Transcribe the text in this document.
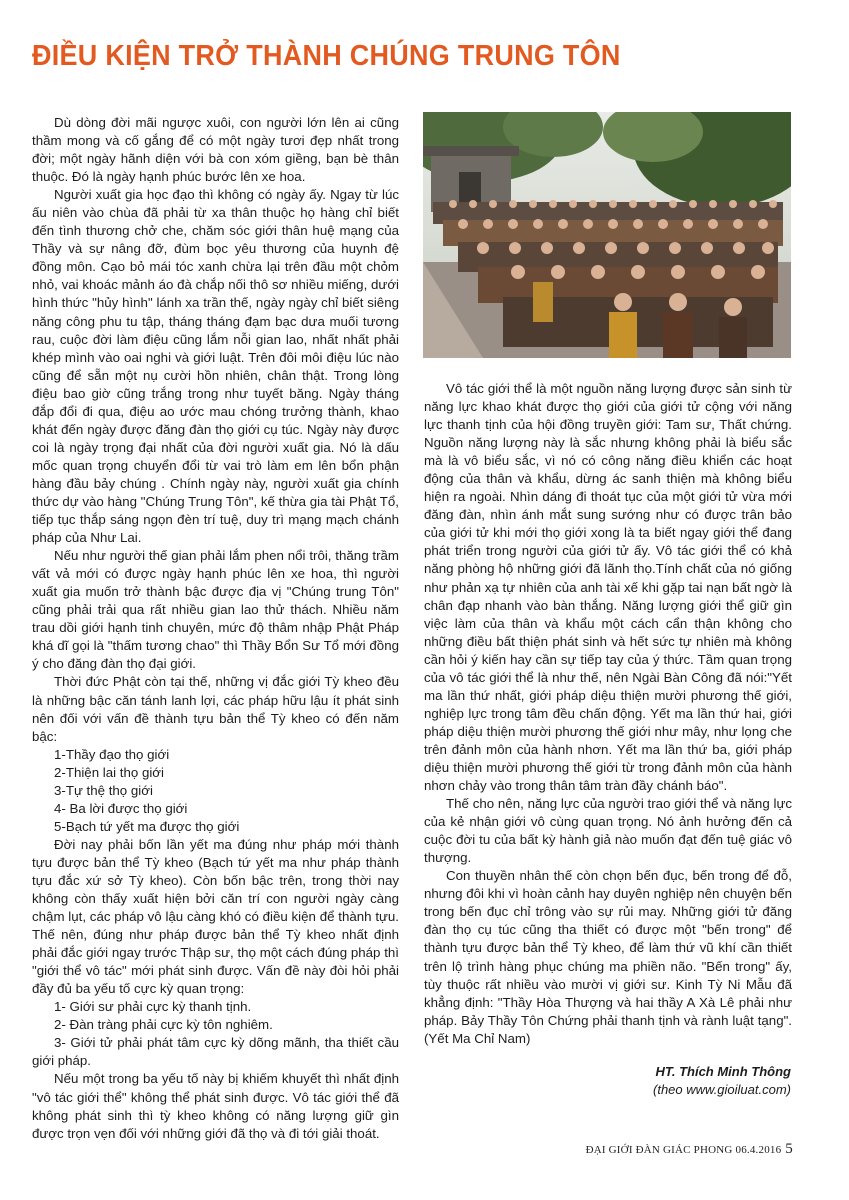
ĐIỀU KIỆN TRỞ THÀNH CHÚNG TRUNG TÔN

Dù dòng đời mãi ngược xuôi, con người lớn lên ai cũng thầm mong và cố gắng để có một ngày tươi đẹp nhất trong đời; một ngày hãnh diện với bà con xóm giềng, bạn bè thân thuộc. Đó là ngày hạnh phúc bước lên xe hoa.

Người xuất gia học đạo thì không có ngày ấy. Ngay từ lúc ấu niên vào chùa đã phải từ xa thân thuộc họ hàng chỉ biết đến tình thương chở che, chăm sóc giới thân huệ mạng của Thầy và sự nâng đỡ, đùm bọc yêu thương của huynh đệ đồng môn. Cạo bỏ mái tóc xanh chừa lại trên đầu một chỏm nhỏ, vai khoác mảnh áo đà chắp nối thô sơ nhiều miếng, dưới hình thức "hủy hình" lánh xa trần thế, ngày ngày chỉ biết siêng năng công phu tu tập, tháng tháng đạm bạc dưa muối tương rau, cuộc đời làm điệu cũng lắm nỗi gian lao, nhất nhất phải khép mình vào oai nghi và giới luật. Trên đôi môi điệu lúc nào cũng để sẵn một nụ cười hồn nhiên, chân thật. Trong lòng điệu bao giờ cũng trắng trong như tuyết băng. Ngày tháng đắp đổi đi qua, điệu ao ước mau chóng trưởng thành, khao khát đến ngày được đăng đàn thọ giới cụ túc. Ngày này được coi là ngày trọng đại nhất của đời người xuất gia. Nó là dấu mốc quan trọng chuyển đổi từ vai trò làm em lên bổn phận hàng đầu bảy chúng . Chính ngày này, người xuất gia chính thức dự vào hàng "Chúng Trung Tôn", kế thừa gia tài Phật Tổ, tiếp tục thắp sáng ngọn đèn trí tuệ, duy trì mạng mạch chánh pháp của Như Lai.

Nếu như người thế gian phải lắm phen nổi trôi, thăng trầm vất vả mới có được ngày hạnh phúc lên xe hoa, thì người xuất gia muốn trở thành bậc được địa vị "Chúng trung Tôn" cũng phải trải qua rất nhiều gian lao thử thách. Nhiều năm trau dồi giới hạnh tinh chuyên, mức độ thâm nhập Phật Pháp khá dĩ gọi là "thấm tương chao" thì Thầy Bổn Sư Tổ mới đồng ý cho đăng đàn thọ đại giới.

Thời đức Phật còn tại thế, những vị đắc giới Tỳ kheo đều là những bậc căn tánh lanh lợi, các pháp hữu lậu ít phát sinh nên đối với vấn đề thành tựu bản thể Tỳ kheo có đến năm bậc:

1-Thầy đạo thọ giới

2-Thiện lai thọ giới

3-Tự thệ thọ giới

4- Ba lời được thọ giới

5-Bạch tứ yết ma được thọ giới

Đời nay phải bốn lần yết ma đúng như pháp mới thành tựu được bản thể Tỳ kheo (Bạch tứ yết ma như pháp thành tựu đắc xứ sở Tỳ kheo). Còn bốn bậc trên, trong thời nay không còn thấy xuất hiện bởi căn trí con người ngày càng chậm lụt, các pháp vô lậu càng khó có điều kiện để thành tựu. Thế nên, đúng như pháp được bản thể Tỳ kheo nhất định phải đắc giới ngay trước Thập sư, thọ một cách đúng pháp thì "giới thể vô tác" mới phát sinh được. Vấn đề này đòi hỏi phải đầy đủ ba yếu tố cực kỳ quan trọng:

1- Giới sư phải cực kỳ thanh tịnh.

2- Đàn tràng phải cực kỳ tôn nghiêm.

3- Giới tử phải phát tâm cực kỳ dõng mãnh, tha thiết cầu giới pháp.

Nếu một trong ba yếu tố này bị khiếm khuyết thì nhất định "vô tác giới thể" không thể phát sinh được. Vô tác giới thể đã không phát sinh thì tỳ kheo không có năng lượng giữ gìn được trọn vẹn đối với những giới đã thọ và đi tới giải thoát.

Vô tác giới thể là một nguồn năng lượng được sản sinh từ năng lực khao khát được thọ giới của giới tử cộng với năng lực thanh tịnh của hội đồng truyền giới: Tam sư, Thất chứng. Nguồn năng lượng này là sắc nhưng không phải là biểu sắc mà là vô biểu sắc, vì nó có công năng điều khiển các hoạt động của thân và khẩu, dừng ác sanh thiện mà không biểu hiện ra ngoài. Nhìn dáng đi thoát tục của một giới tử vừa mới đăng đàn, nhìn ánh mắt sung sướng như có được trân bảo của giới tử khi mới thọ giới xong là ta biết ngay giới thể đang phát triển trong người của giới tử ấy. Vô tác giới thể có khả năng phòng hộ những giới đã lãnh thọ.Tính chất của nó giống như phản xạ tự nhiên của anh tài xế khi gặp tai nạn bất ngờ là chân đạp nhanh vào bàn thắng. Năng lượng giới thể giữ gìn việc làm của thân và khẩu một cách cẩn thận không cho những điều bất thiện phát sinh và hết sức tự nhiên mà không cần hỏi ý kiến hay cần sự tiếp tay của ý thức. Tầm quan trọng của vô tác giới thể là như thế, nên Ngài Bàn Công đã nói:"Yết ma lần thứ nhất, giới pháp diệu thiện mười phương thế giới, nghiệp lực trong tâm đều chấn động. Yết ma lần thứ hai, giới pháp diệu thiện mười phương thế giới như mây, như lọng che trên đảnh môn của hành nhơn. Yết ma lần thứ ba, giới pháp diệu thiện mười phương thế giới từ trong đảnh môn của hành nhơn chảy vào trong thân tâm tràn đầy chánh báo".

Thế cho nên, năng lực của người trao giới thể và năng lực của kẻ nhận giới vô cùng quan trọng. Nó ảnh hưởng đến cả cuộc đời tu của bất kỳ hành giả nào muốn đạt đến tuệ giác vô thượng.

Con thuyền nhân thế còn chọn bến đục, bến trong để đỗ, nhưng đôi khi vì hoàn cảnh hay duyên nghiệp nên chuyện bến trong bến đục chỉ trông vào sự rủi may. Những giới tử đăng đàn thọ cụ túc cũng tha thiết có được một "bến trong" để thành tựu được bản thể Tỳ kheo, để làm thứ vũ khí cần thiết trên lộ trình hàng phục chúng ma phiền não. "Bến trong" ấy, tùy thuộc rất nhiều vào mười vị giới sư. Kinh Tỳ Ni Mẫu đã khẳng định: "Thầy Hòa Thượng và hai thầy A Xà Lê phải như pháp. Bảy Thầy Tôn Chứng phải thanh tịnh và rành luật tạng". (Yết Ma Chỉ Nam)

HT. Thích Minh Thông
(theo www.gioiluat.com)
ĐẠI GIỚI ĐÀN GIÁC PHONG 06.4.2016 5
